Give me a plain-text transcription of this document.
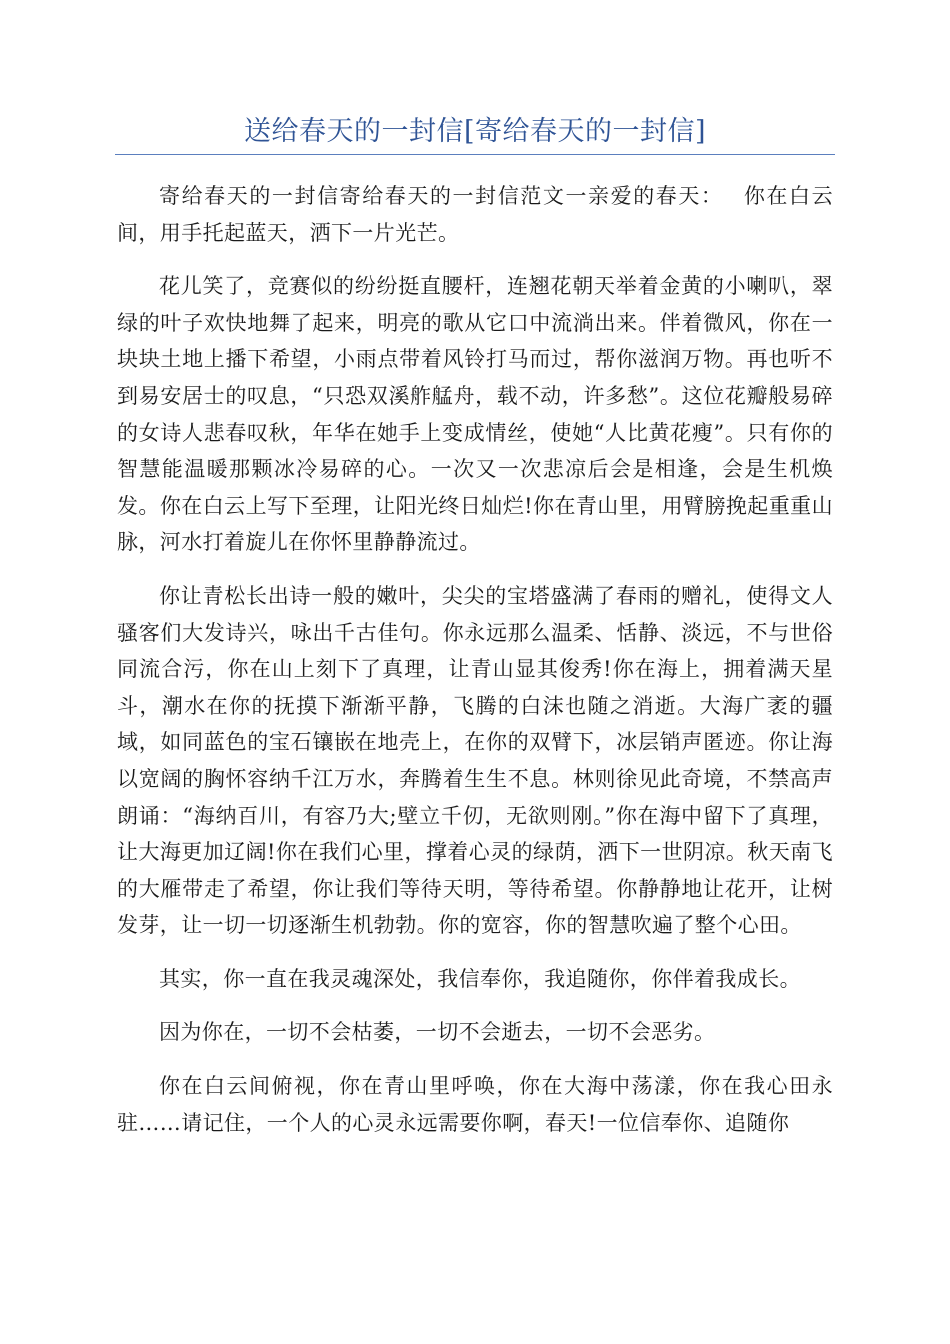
送给春天的一封信[寄给春天的一封信]

寄给春天的一封信寄给春天的一封信范文一亲爱的春天：　 你在白云间，用手托起蓝天，洒下一片光芒。

花儿笑了，竞赛似的纷纷挺直腰杆，连翘花朝天举着金黄的小喇叭，翠绿的叶子欢快地舞了起来，明亮的歌从它口中流淌出来。伴着微风，你在一块块土地上播下希望，小雨点带着风铃打马而过，帮你滋润万物。再也听不到易安居士的叹息，“只恐双溪舴艋舟，载不动，许多愁”。这位花瓣般易碎的女诗人悲春叹秋，年华在她手上变成情丝，使她“人比黄花瘦”。只有你的智慧能温暖那颗冰冷易碎的心。一次又一次悲凉后会是相逢，会是生机焕发。你在白云上写下至理，让阳光终日灿烂!你在青山里，用臂膀挽起重重山脉，河水打着旋儿在你怀里静静流过。

你让青松长出诗一般的嫩叶，尖尖的宝塔盛满了春雨的赠礼，使得文人骚客们大发诗兴，咏出千古佳句。你永远那么温柔、恬静、淡远，不与世俗同流合污，你在山上刻下了真理，让青山显其俊秀!你在海上，拥着满天星斗，潮水在你的抚摸下渐渐平静，飞腾的白沫也随之消逝。大海广袤的疆域，如同蓝色的宝石镶嵌在地壳上，在你的双臂下，冰层销声匿迹。你让海以宽阔的胸怀容纳千江万水，奔腾着生生不息。林则徐见此奇境，不禁高声朗诵：“海纳百川，有容乃大;壁立千仞，无欲则刚。”你在海中留下了真理，让大海更加辽阔!你在我们心里，撑着心灵的绿荫，洒下一世阴凉。秋天南飞的大雁带走了希望，你让我们等待天明，等待希望。你静静地让花开，让树发芽，让一切一切逐渐生机勃勃。你的宽容，你的智慧吹遍了整个心田。

其实，你一直在我灵魂深处，我信奉你，我追随你，你伴着我成长。

因为你在，一切不会枯萎，一切不会逝去，一切不会恶劣。

你在白云间俯视，你在青山里呼唤，你在大海中荡漾，你在我心田永驻……请记住，一个人的心灵永远需要你啊，春天!一位信奉你、追随你
